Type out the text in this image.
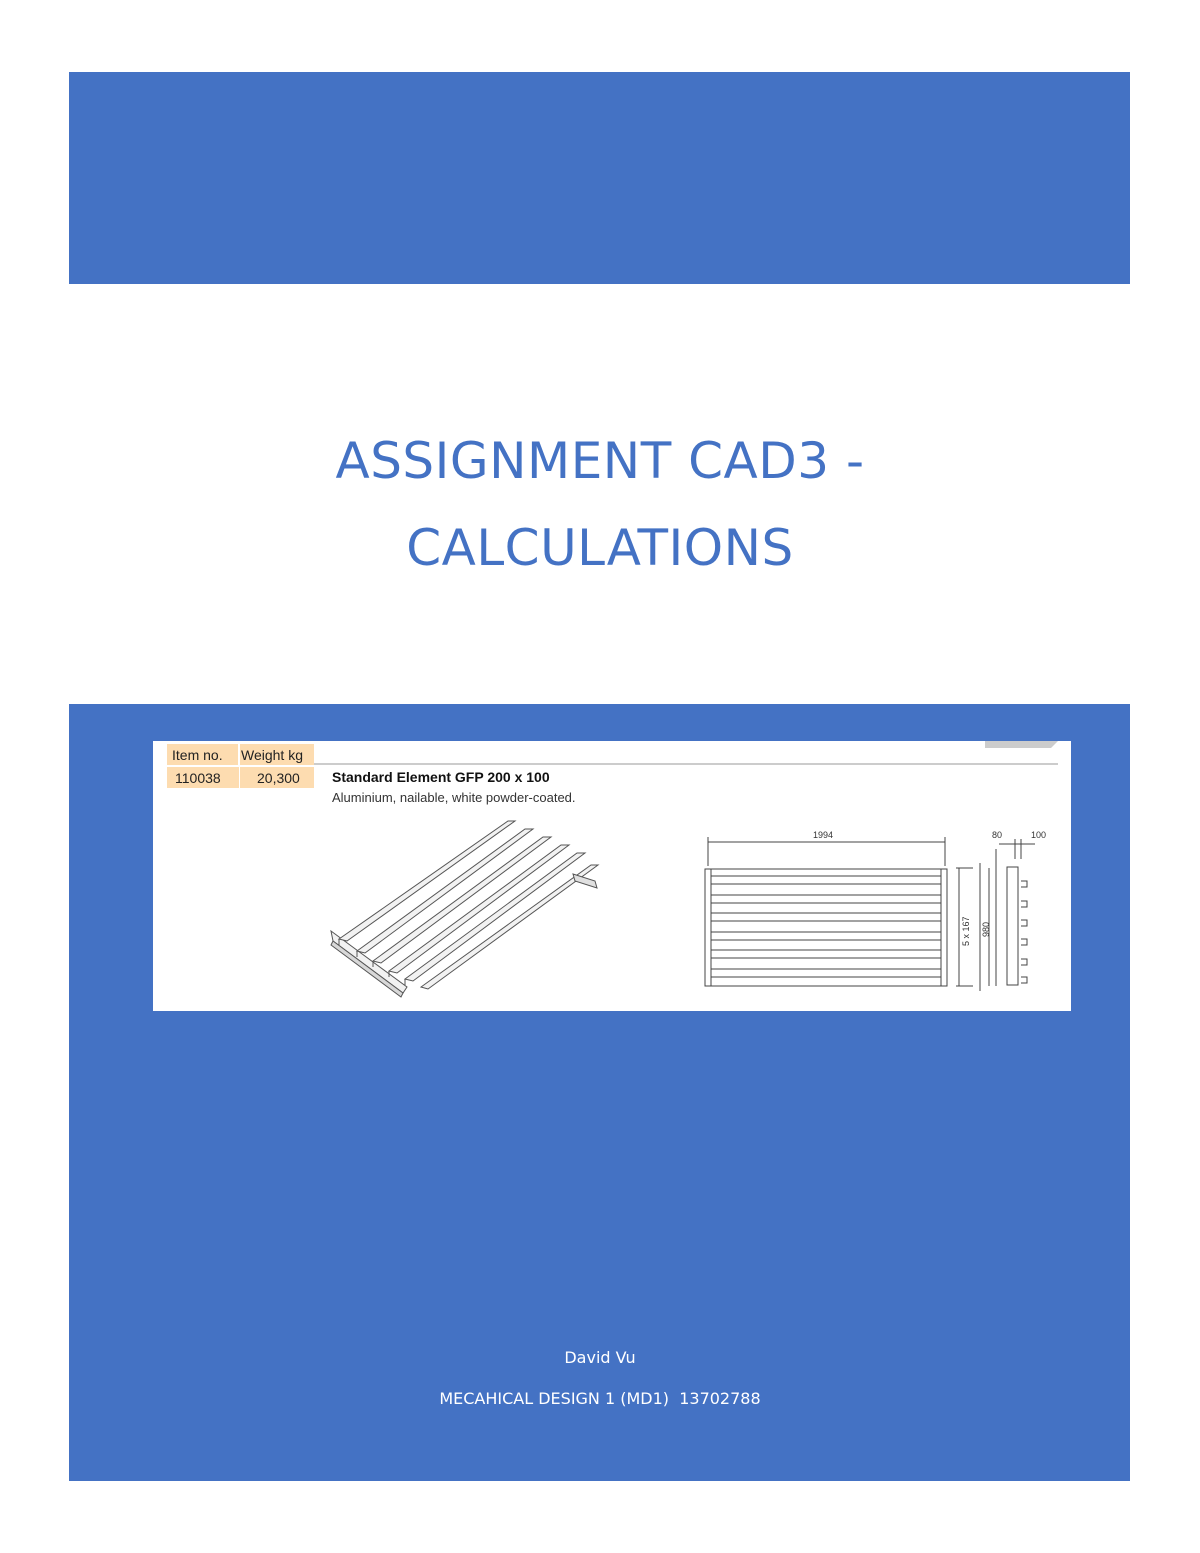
ASSIGNMENT CAD3 -
CALCULATIONS
Item no. Weight kg
110038	20,300 Standard Element GFP 200 x 100
Aluminium, nailable, white powder-coated.
1994	80	100
5 x 167 980
David Vu
MECAHICAL DESIGN 1 (MD1)  13702788
